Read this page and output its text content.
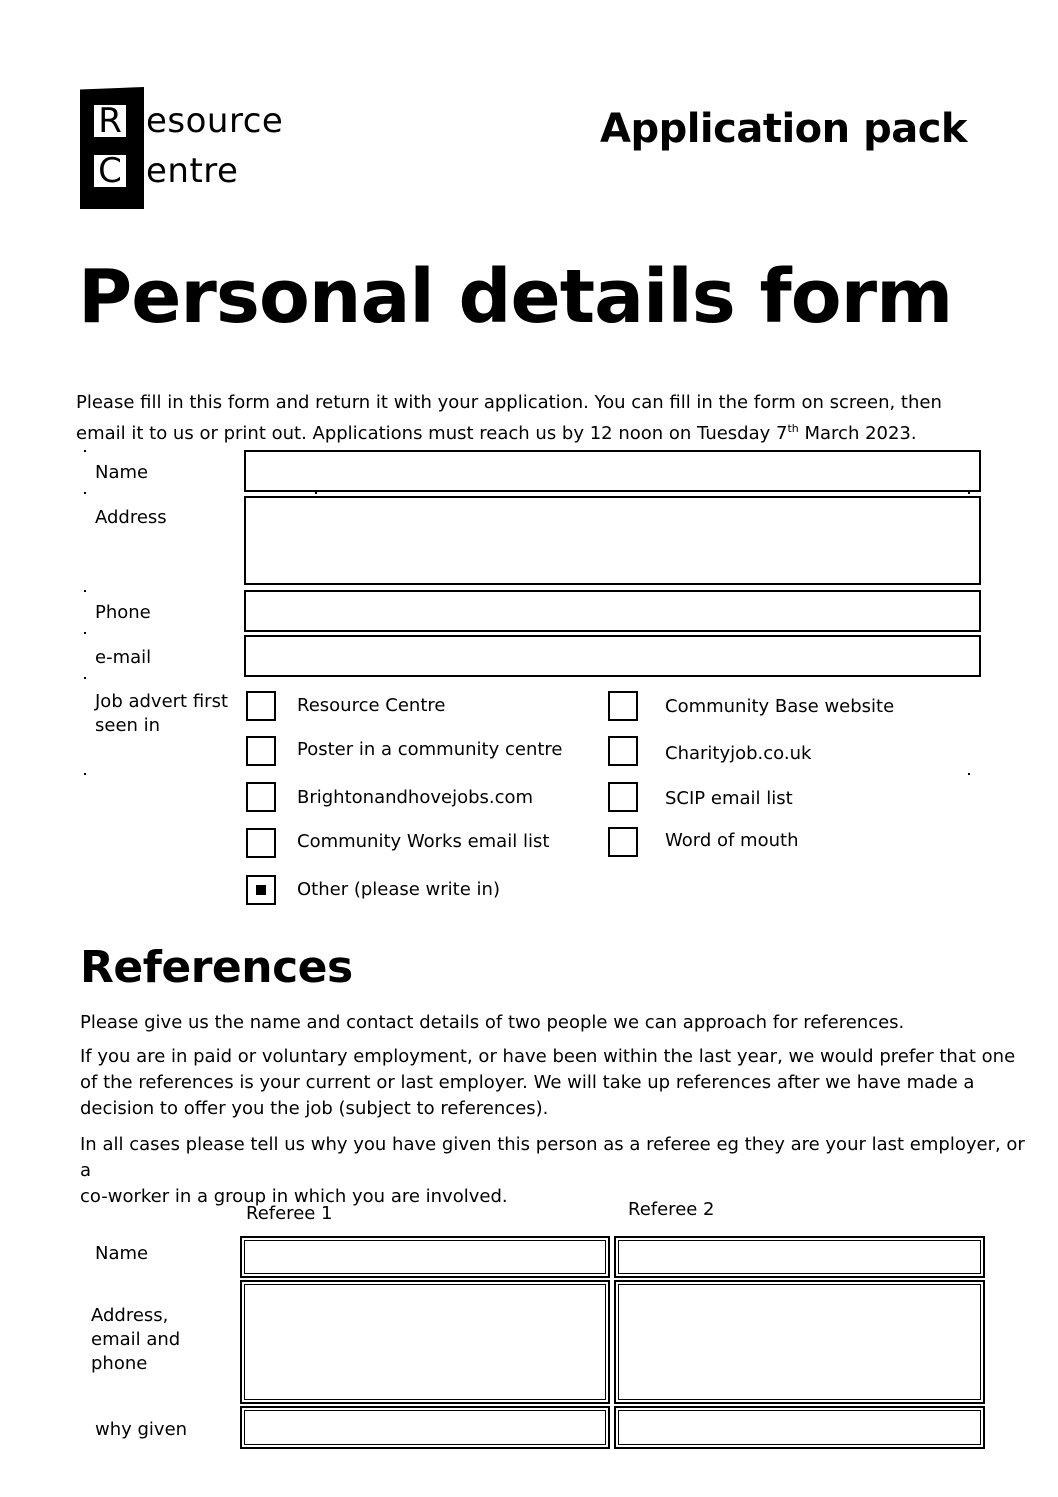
R
C
esource
entre
Application pack
Personal details form
Please fill in this form and return it with your application. You can fill in the form on screen, then
email it to us or print out. Applications must reach us by 12 noon on Tuesday 7th March 2023.
Name
Address
Phone
e-mail
Job advert first
seen in
Resource Centre
Poster in a community centre
Brightonandhovejobs.com
Community Works email list
Other (please write in)
Community Base website
Charityjob.co.uk
SCIP email list
Word of mouth
References
Please give us the name and contact details of two people we can approach for references.
If you are in paid or voluntary employment, or have been within the last year, we would prefer that one
of the references is your current or last employer. We will take up references after we have made a
decision to offer you the job (subject to references).
In all cases please tell us why you have given this person as a referee eg they are your last employer, or a
co-worker in a group in which you are involved.
Referee 1	Referee 2
Name
Address,
email and
phone
why given
